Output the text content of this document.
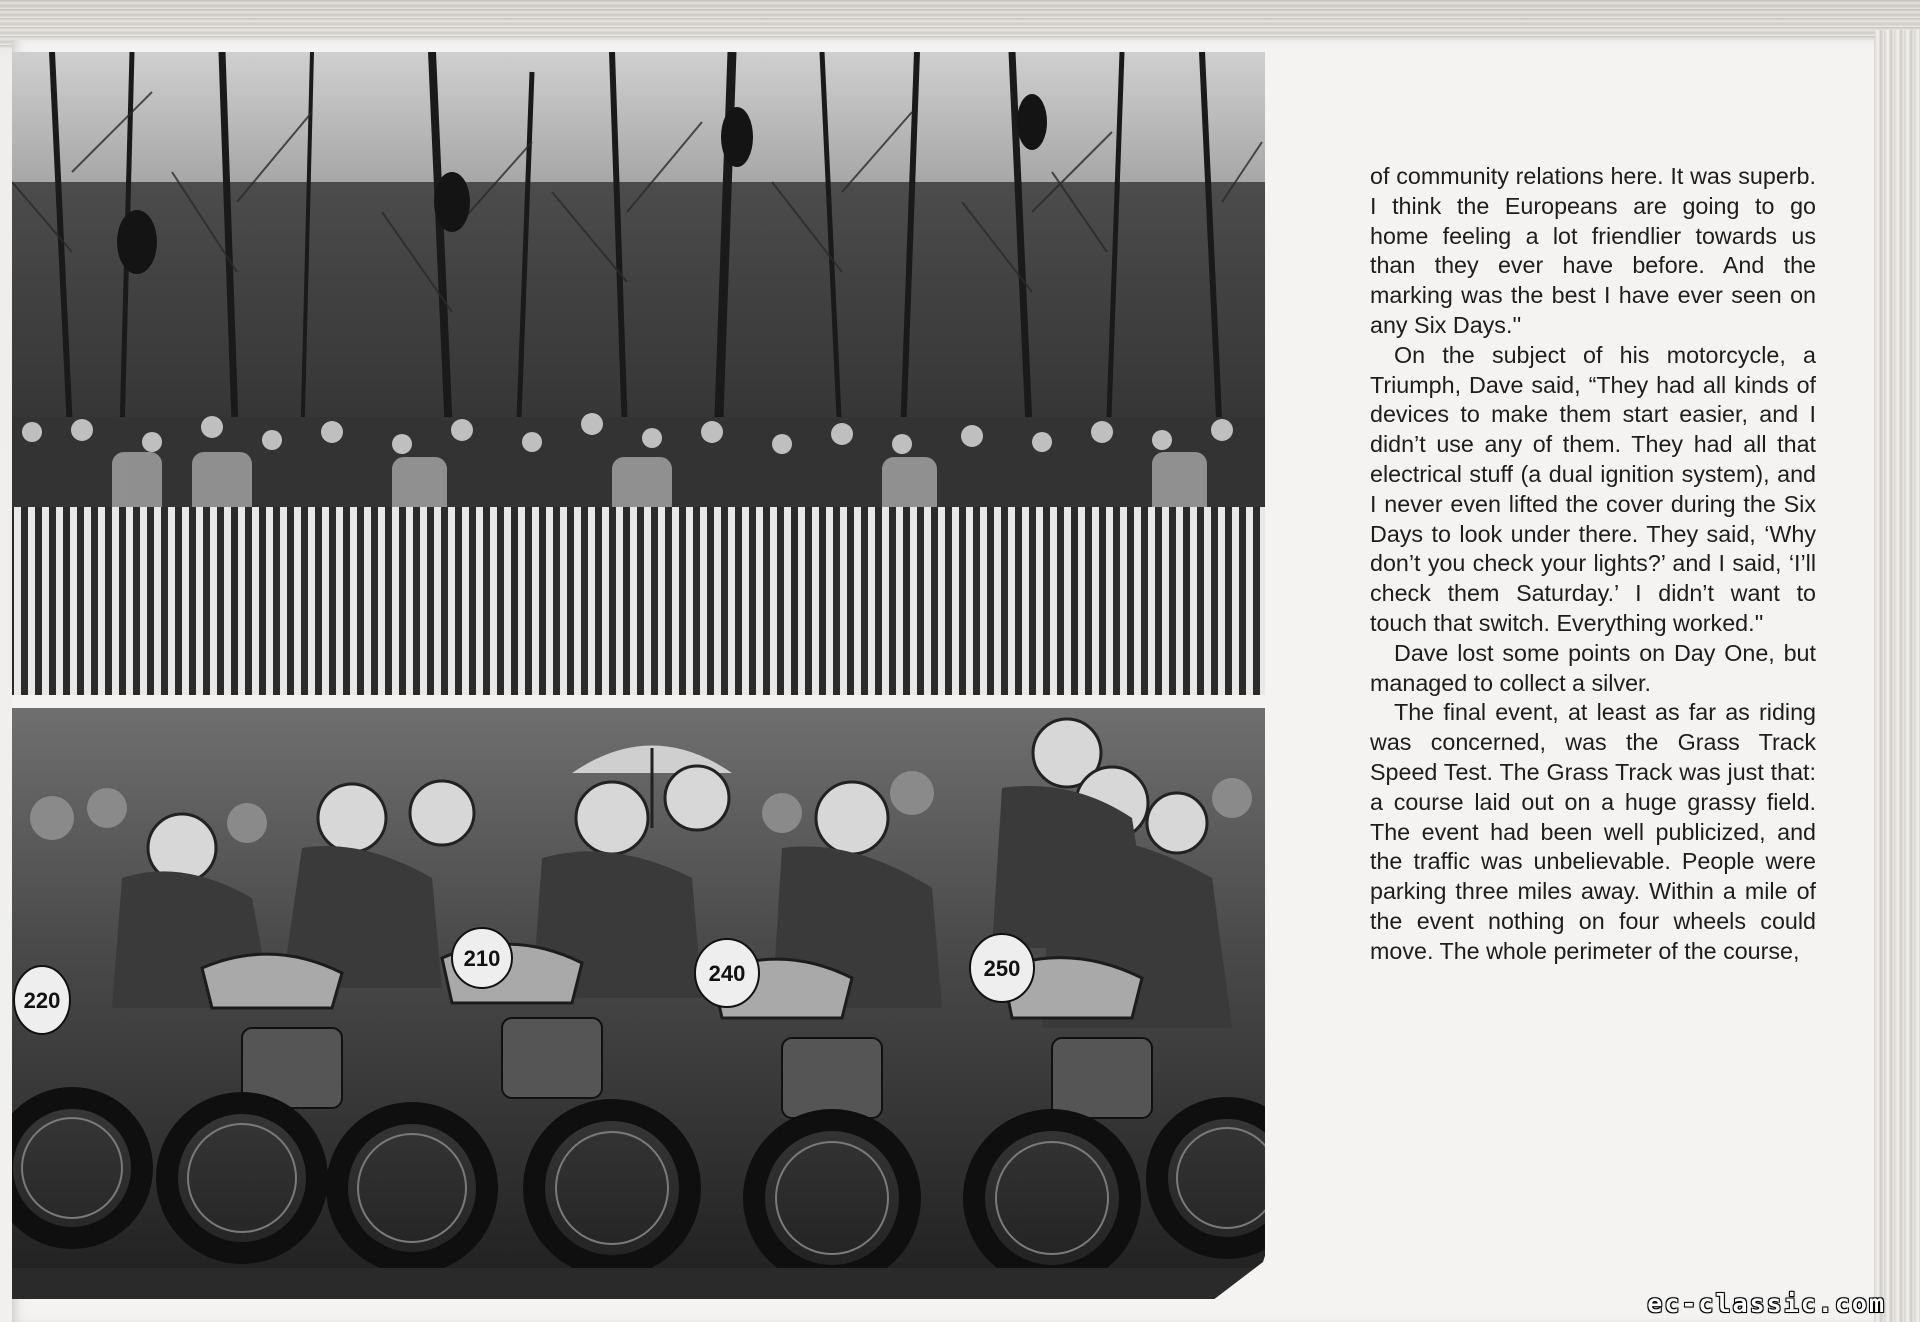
220
210
240	250

of community relations here. It was superb. I think the Europeans are going to go home feeling a lot friendlier towards us than they ever have before. And the marking was the best I have ever seen on any Six Days.''

On the subject of his motorcycle, a Triumph, Dave said, “They had all kinds of devices to make them start easier, and I didn’t use any of them. They had all that electrical stuff (a dual ignition system), and I never even lifted the cover during the Six Days to look under there. They said, ‘Why don’t you check your lights?’ and I said, ‘I’ll check them Saturday.’ I didn’t want to touch that switch. Everything worked.''

Dave lost some points on Day One, but managed to collect a silver.

The final event, at least as far as riding was concerned, was the Grass Track Speed Test. The Grass Track was just that: a course laid out on a huge grassy field. The event had been well publicized, and the traffic was unbelievable. People were parking three miles away. Within a mile of the event nothing on four wheels could move. The whole perimeter of the course,

ec-classic.com
